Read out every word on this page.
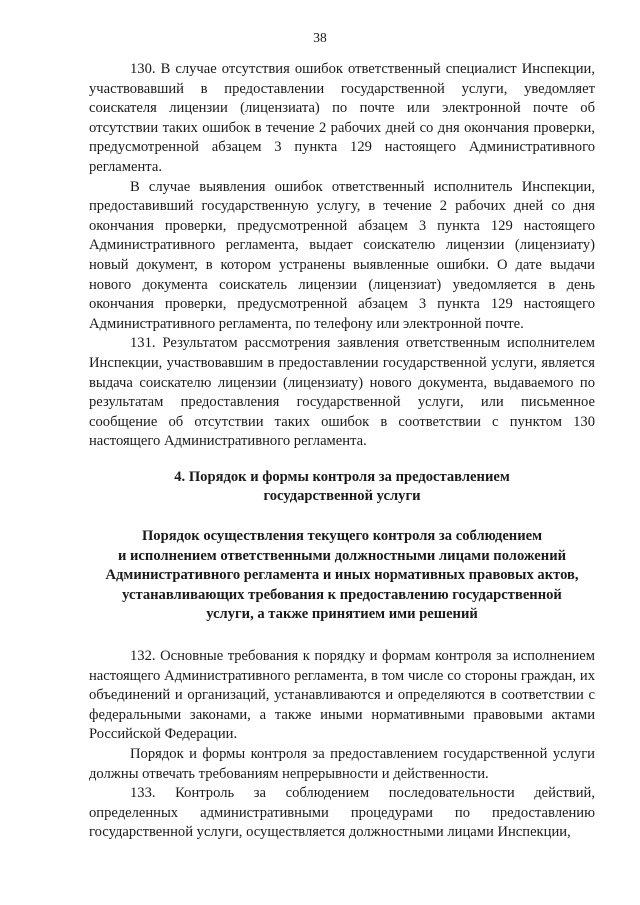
38

130. В случае отсутствия ошибок ответственный специалист Инспекции, участвовавший в предоставлении государственной услуги, уведомляет соискателя лицензии (лицензиата) по почте или электронной почте об отсутствии таких ошибок в течение 2 рабочих дней со дня окончания проверки, предусмотренной абзацем 3 пункта 129 настоящего Административного регламента.

В случае выявления ошибок ответственный исполнитель Инспекции, предоставивший государственную услугу, в течение 2 рабочих дней со дня окончания проверки, предусмотренной абзацем 3 пункта 129 настоящего Административного регламента, выдает соискателю лицензии (лицензиату) новый документ, в котором устранены выявленные ошибки. О дате выдачи нового документа соискатель лицензии (лицензиат) уведомляется в день окончания проверки, предусмотренной абзацем 3 пункта 129 настоящего Административного регламента, по телефону или электронной почте.

131. Результатом рассмотрения заявления ответственным исполнителем Инспекции, участвовавшим в предоставлении государственной услуги, является выдача соискателю лицензии (лицензиату) нового документа, выдаваемого по результатам предоставления государственной услуги, или письменное сообщение об отсутствии таких ошибок в соответствии с пунктом 130 настоящего Административного регламента.

4. Порядок и формы контроля за предоставлением
государственной услуги
Порядок осуществления текущего контроля за соблюдением
и исполнением ответственными должностными лицами положений
Административного регламента и иных нормативных правовых актов,
устанавливающих требования к предоставлению государственной
услуги, а также принятием ими решений

132. Основные требования к порядку и формам контроля за исполнением настоящего Административного регламента, в том числе со стороны граждан, их объединений и организаций, устанавливаются и определяются в соответствии с федеральными законами, а также иными нормативными правовыми актами Российской Федерации.

Порядок и формы контроля за предоставлением государственной услуги должны отвечать требованиям непрерывности и действенности.

133. Контроль за соблюдением последовательности действий, определенных административными процедурами по предоставлению государственной услуги, осуществляется должностными лицами Инспекции,
